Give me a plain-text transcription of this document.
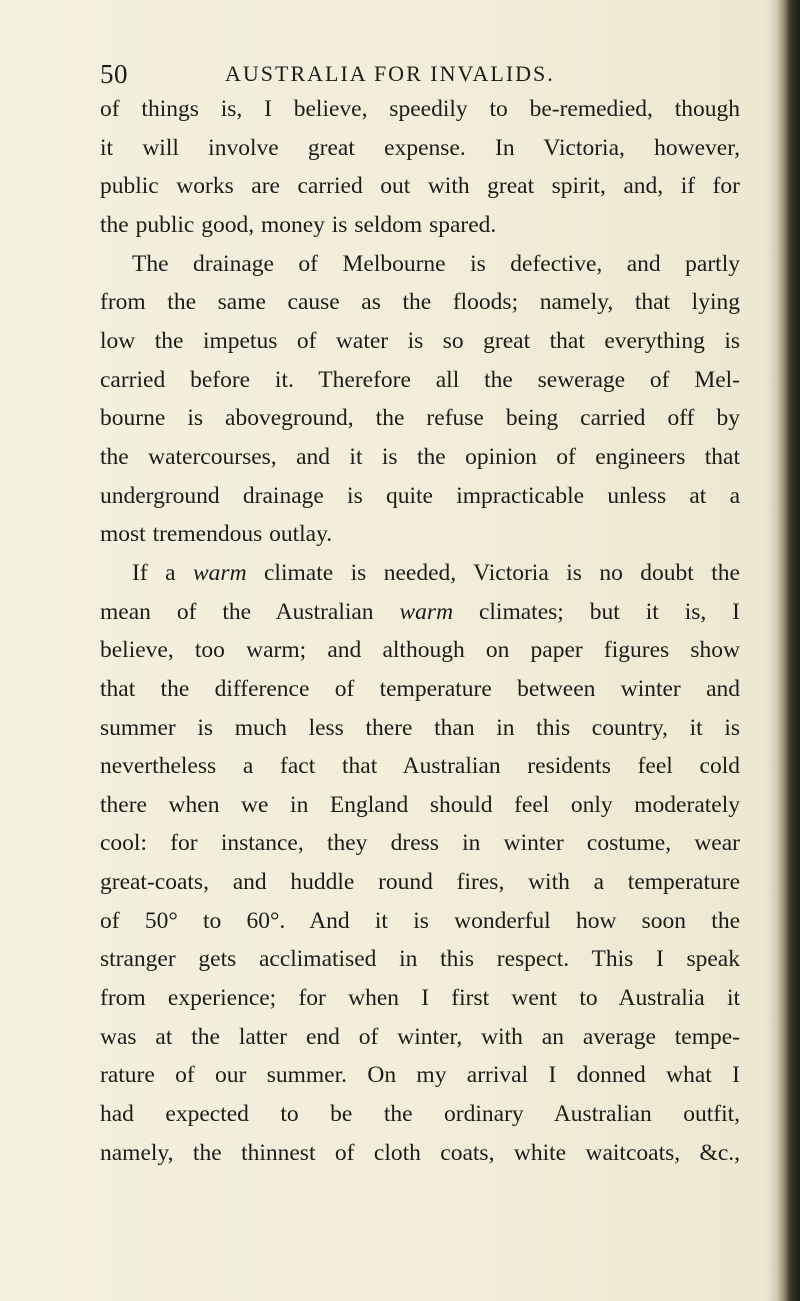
50	AUSTRALIA FOR INVALIDS.
of things is, I believe, speedily to be-remedied, though
it will involve great expense. In Victoria, however,
public works are carried out with great spirit, and, if for
the public good, money is seldom spared.
The drainage of Melbourne is defective, and partly
from the same cause as the floods; namely, that lying
low the impetus of water is so great that everything is
carried before it. Therefore all the sewerage of Mel-
bourne is aboveground, the refuse being carried off by
the watercourses, and it is the opinion of engineers that
underground drainage is quite impracticable unless at a
most tremendous outlay.
If a warm climate is needed, Victoria is no doubt the
mean of the Australian warm climates; but it is, I
believe, too warm; and although on paper figures show
that the difference of temperature between winter and
summer is much less there than in this country, it is
nevertheless a fact that Australian residents feel cold
there when we in England should feel only moderately
cool: for instance, they dress in winter costume, wear
great-coats, and huddle round fires, with a temperature
of 50° to 60°. And it is wonderful how soon the
stranger gets acclimatised in this respect. This I speak
from experience; for when I first went to Australia it
was at the latter end of winter, with an average tempe-
rature of our summer. On my arrival I donned what I
had expected to be the ordinary Australian outfit,
namely, the thinnest of cloth coats, white waitcoats, &c.,
